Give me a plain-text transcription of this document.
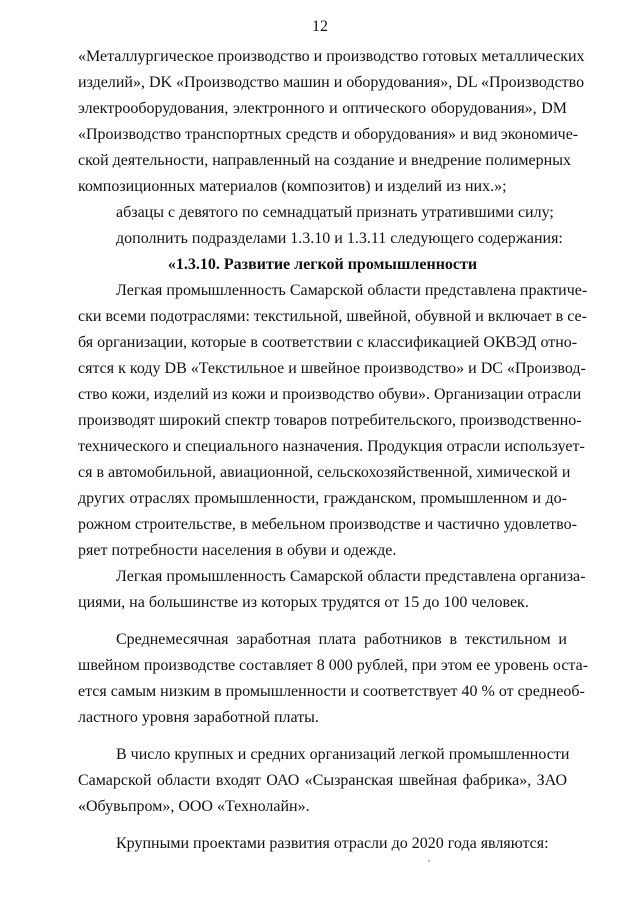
12
«Металлургическое производство и производство готовых металлических
изделий», DK «Производство машин и оборудования», DL «Производство
электрооборудования, электронного и оптического оборудования», DM
«Производство транспортных средств и оборудования» и вид экономиче-
ской деятельности, направленный на создание и внедрение полимерных
композиционных материалов (композитов) и изделий из них.»;
абзацы с девятого по семнадцатый признать утратившими силу;
дополнить подразделами 1.3.10 и 1.3.11 следующего содержания:
«1.3.10. Развитие легкой промышленности
Легкая промышленность Самарской области представлена практиче-
ски всеми подотраслями: текстильной, швейной, обувной и включает в се-
бя организации, которые в соответствии с классификацией ОКВЭД отно-
сятся к коду DB «Текстильное и швейное производство» и DC «Производ-
ство кожи, изделий из кожи и производство обуви». Организации отрасли
производят широкий спектр товаров потребительского, производственно-
технического и специального назначения. Продукция отрасли использует-
ся в автомобильной, авиационной, сельскохозяйственной, химической и
других отраслях промышленности, гражданском, промышленном и до-
рожном строительстве, в мебельном производстве и частично удовлетво-
ряет потребности населения в обуви и одежде.
Легкая промышленность Самарской области представлена организа-
циями, на большинстве из которых трудятся от 15 до 100 человек.
Среднемесячная заработная плата работников в текстильном и
швейном производстве составляет 8 000 рублей, при этом ее уровень оста-
ется самым низким в промышленности и соответствует 40 % от среднеоб-
ластного уровня заработной платы.
В число крупных и средних организаций легкой промышленности
Самарской области входят ОАО «Сызранская швейная фабрика», ЗАО
«Обувьпром», ООО «Технолайн».
Крупными проектами развития отрасли до 2020 года являются:
